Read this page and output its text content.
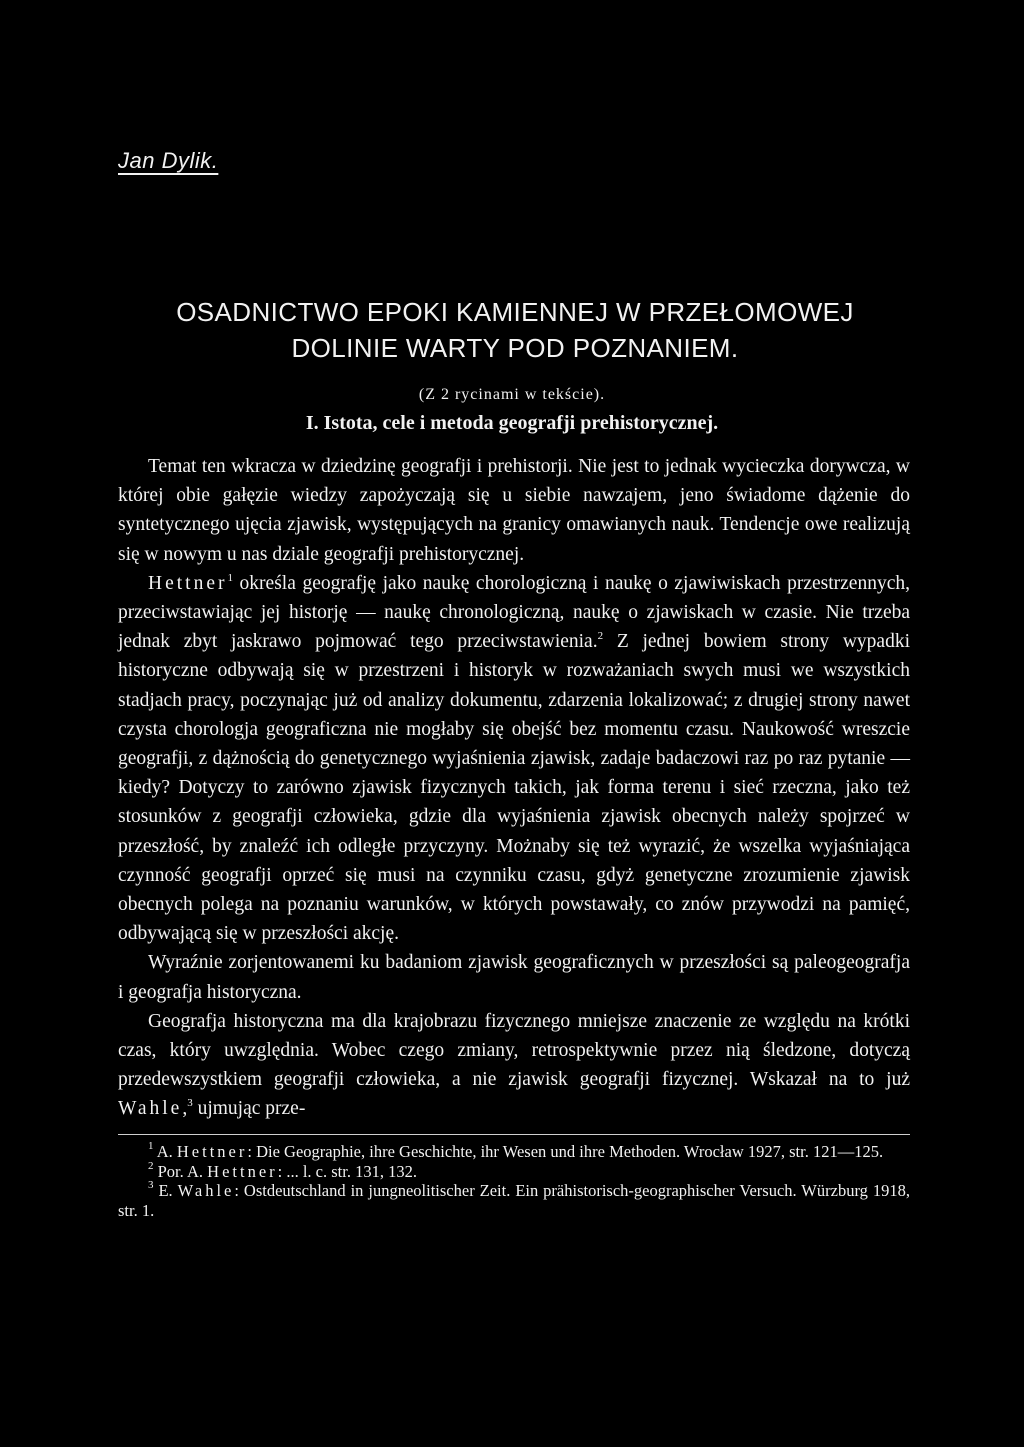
Jan Dylik.
OSADNICTWO EPOKI KAMIENNEJ W PRZEŁOMOWEJ
DOLINIE WARTY POD POZNANIEM.
(Z 2 rycinami w tekście).
I. Istota, cele i metoda geografji prehistorycznej.

Temat ten wkracza w dziedzinę geografji i prehistorji. Nie jest to jednak wycieczka dorywcza, w której obie gałęzie wiedzy zapożyczają się u siebie nawzajem, jeno świadome dążenie do syntetycznego ujęcia zjawisk, występujących na granicy omawianych nauk. Tendencje owe realizują się w nowym u nas dziale geografji prehistorycznej.

Hettner$^1$ określa geografję jako naukę chorologiczną i naukę o zjawiwiskach przestrzennych, przeciwstawiając jej historję — naukę chronologiczną, naukę o zjawiskach w czasie. Nie trzeba jednak zbyt jaskrawo pojmować tego przeciwstawienia.$^2$ Z jednej bowiem strony wypadki historyczne odbywają się w przestrzeni i historyk w rozważaniach swych musi we wszystkich stadjach pracy, poczynając już od analizy dokumentu, zdarzenia lokalizować; z drugiej strony nawet czysta chorologja geograficzna nie mogłaby się obejść bez momentu czasu. Naukowość wreszcie geografji, z dążnością do genetycznego wyjaśnienia zjawisk, zadaje badaczowi raz po raz pytanie — kiedy? Dotyczy to zarówno zjawisk fizycznych takich, jak forma terenu i sieć rzeczna, jako też stosunków z geografji człowieka, gdzie dla wyjaśnienia zjawisk obecnych należy spojrzeć w przeszłość, by znaleźć ich odległe przyczyny. Możnaby się też wyrazić, że wszelka wyjaśniająca czynność geografji oprzeć się musi na czynniku czasu, gdyż genetyczne zrozumienie zjawisk obecnych polega na poznaniu warunków, w których powstawały, co znów przywodzi na pamięć, odbywającą się w przeszłości akcję.

Wyraźnie zorjentowanemi ku badaniom zjawisk geograficznych w przeszłości są paleogeografja i geografja historyczna.

Geografja historyczna ma dla krajobrazu fizycznego mniejsze znaczenie ze względu na krótki czas, który uwzględnia. Wobec czego zmiany, retrospektywnie przez nią śledzone, dotyczą przedewszystkiem geografji człowieka, a nie zjawisk geografji fizycznej. Wskazał na to już Wahle,$^3$ ujmując prze-

$^1$ A. Hettner: Die Geographie, ihre Geschichte, ihr Wesen und ihre Methoden. Wrocław 1927, str. 121—125.

$^2$ Por. A. Hettner: ... l. c. str. 131, 132.

$^3$ E. Wahle: Ostdeutschland in jungneolitischer Zeit. Ein prähistorisch-geographischer Versuch. Würzburg 1918, str. 1.
